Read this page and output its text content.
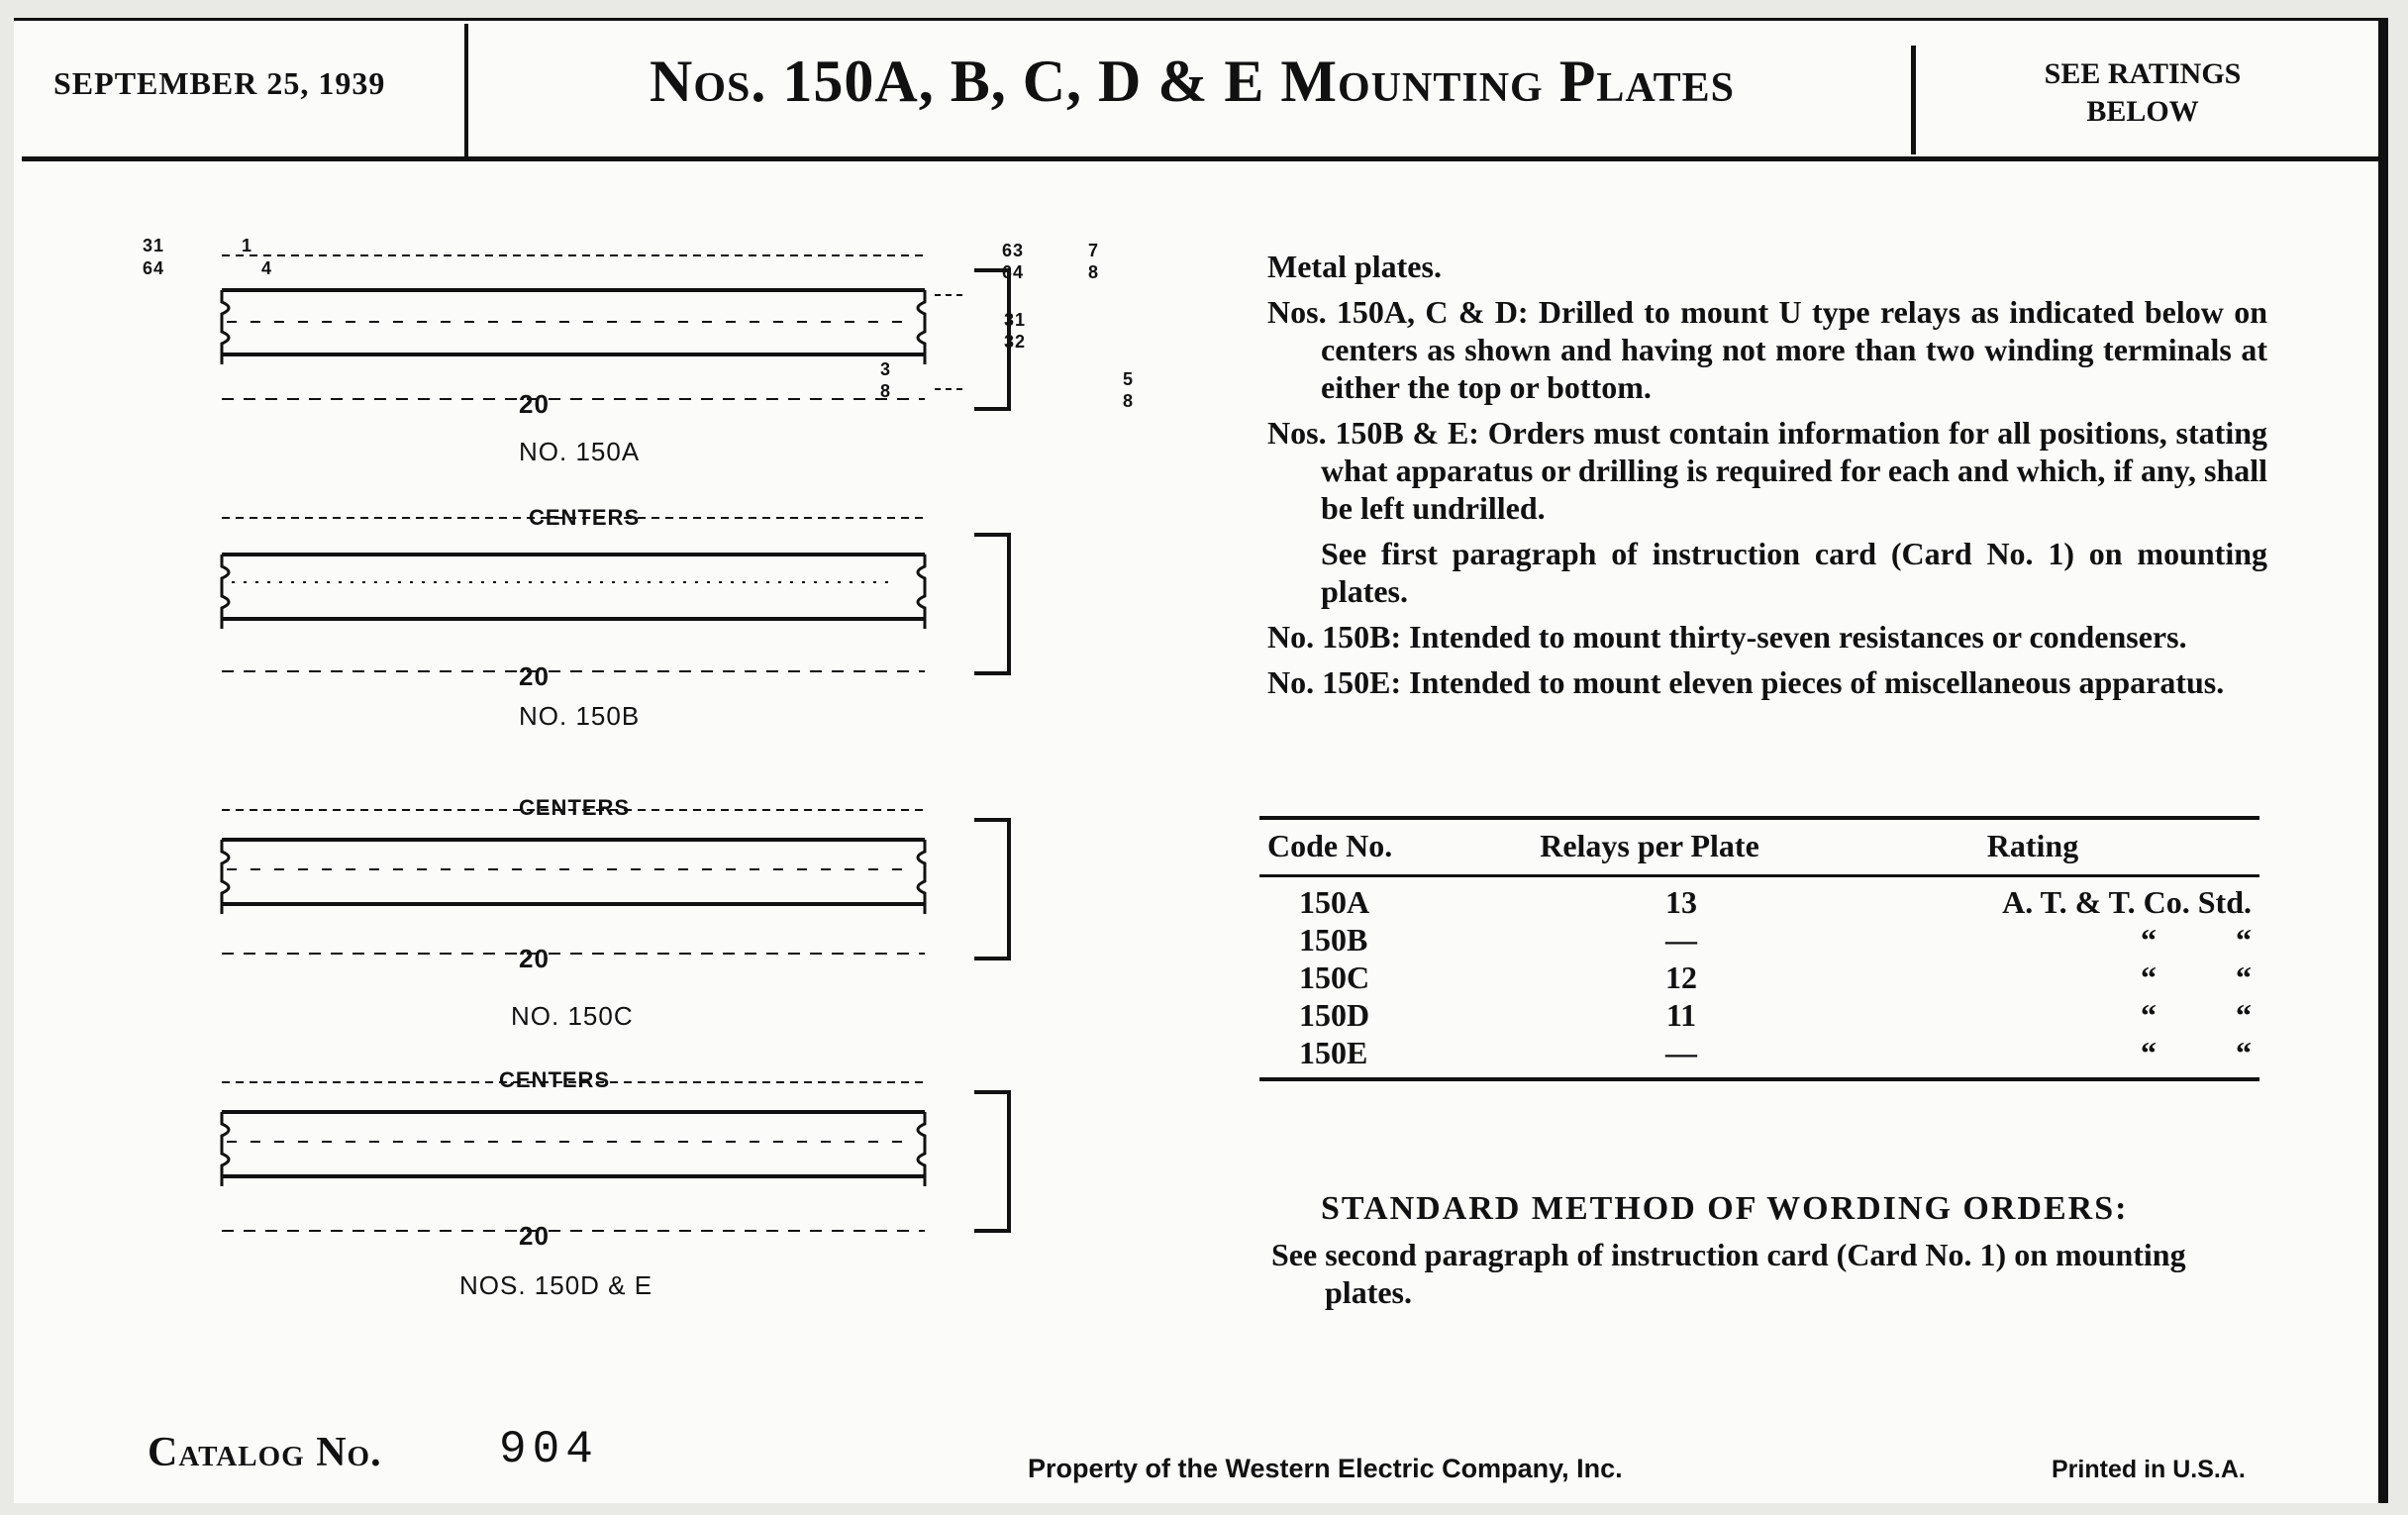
SEPTEMBER 25, 1939	Nos. 150A, B, C, D & E Mounting Plates	SEE RATINGS
BELOW
NO. 150A
NO. 150B
NO. 150C
NOS. 150D & E
CENTERS
CENTERS
CENTERS
20
20
20
20
31
64
63
64
31
32
7
8
5
8
3
8
1
4	Metal plates.

Nos. 150A, C & D: Drilled to mount U type relays as indicated below on centers as shown and having not more than two winding terminals at either the top or bottom.

Nos. 150B & E: Orders must contain information for all positions, stating what apparatus or drilling is required for each and which, if any, shall be left undrilled.

See first paragraph of instruction card (Card No. 1) on mounting plates.

No. 150B: Intended to mount thirty-seven resistances or condensers.

No. 150E: Intended to mount eleven pieces of miscellaneous apparatus.

Code No.	Relays per Plate	Rating
150A	13	A. T. & T. Co. Std.
150B	—	“          “
150C	12	“          “
150D	11	“          “
150E	—	“          “
STANDARD METHOD OF WORDING ORDERS:

See second paragraph of instruction card (Card No. 1) on mounting plates.

Catalog No.	904	Property of the Western Electric Company, Inc.	Printed in U.S.A.
